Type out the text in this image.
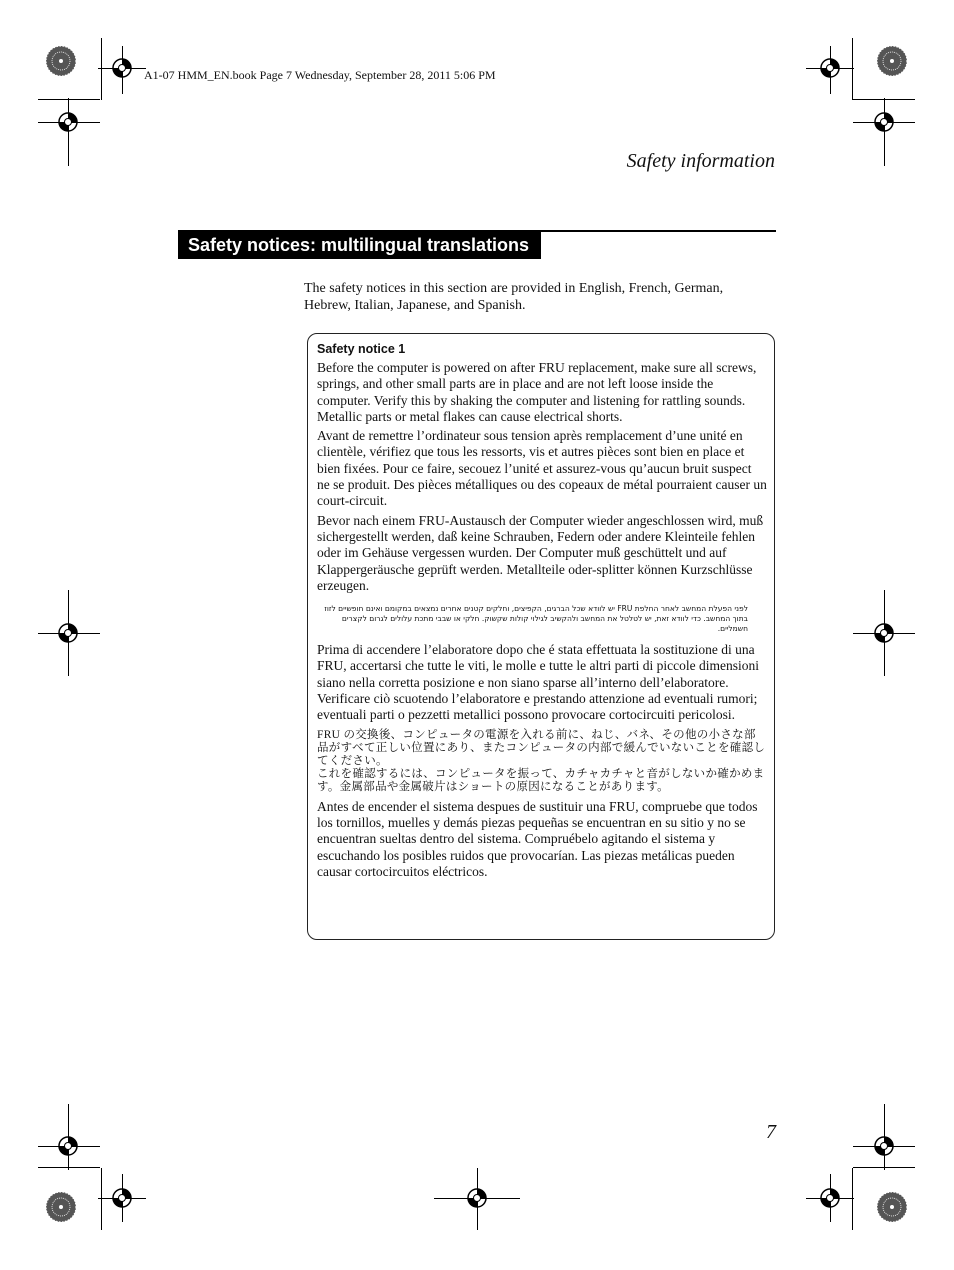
A1-07 HMM_EN.book Page 7 Wednesday, September 28, 2011 5:06 PM
Safety information
Safety notices: multilingual translations
The safety notices in this section are provided in English, French, German, Hebrew, Italian, Japanese, and Spanish.
Safety notice 1

Before the computer is powered on after FRU replacement, make sure all screws, springs, and other small parts are in place and are not left loose inside the computer. Verify this by shaking the computer and listening for rattling sounds. Metallic parts or metal flakes can cause electrical shorts.

Avant de remettre l’ordinateur sous tension après remplacement d’une unité en clientèle, vérifiez que tous les ressorts, vis et autres pièces sont bien en place et bien fixées. Pour ce faire, secouez l’unité et assurez-vous qu’aucun bruit suspect ne se produit. Des pièces métalliques ou des copeaux de métal pourraient causer un court-circuit.

Bevor nach einem FRU-Austausch der Computer wieder angeschlossen wird, muß sichergestellt werden, daß keine Schrauben, Federn oder andere Kleinteile fehlen oder im Gehäuse vergessen wurden. Der Computer muß geschüttelt und auf Klappergeräusche geprüft werden. Metallteile oder-splitter können Kurzschlüsse erzeugen.

לפני הפעלת המחשב לאחר החלפת FRU יש לוודא שכל הברגים, הקפיצים, וחלקים קטנים אחרים נמצאים במקומם ואינם חופשיים לזוז בתוך המחשב. כדי לוודא זאת, יש לטלטל את המחשב ולהקשיב לגילוי קולות שקשוק. חלקי או שבבי מתכת עלולים לגרום לקצרים חשמליים.

Prima di accendere l’elaboratore dopo che é stata effettuata la sostituzione di una FRU, accertarsi che tutte le viti, le molle e tutte le altri parti di piccole dimensioni siano nella corretta posizione e non siano sparse all’interno dell’elaboratore. Verificare ciò scuotendo l’elaboratore e prestando attenzione ad eventuali rumori; eventuali parti o pezzetti metallici possono provocare cortocircuiti pericolosi.

FRU の交換後、コンピュータの電源を入れる前に、ねじ、バネ、その他の小さな部品がすべて正しい位置にあり、またコンピュータの内部で緩んでいないことを確認してください。
これを確認するには、コンピュータを振って、カチャカチャと音がしないか確かめます。金属部品や金属破片はショートの原因になることがあります。

Antes de encender el sistema despues de sustituir una FRU, compruebe que todos los tornillos, muelles y demás piezas pequeñas se encuentran en su sitio y no se encuentran sueltas dentro del sistema. Compruébelo agitando el sistema y escuchando los posibles ruidos que provocarían. Las piezas metálicas pueden causar cortocircuitos eléctricos.

7
